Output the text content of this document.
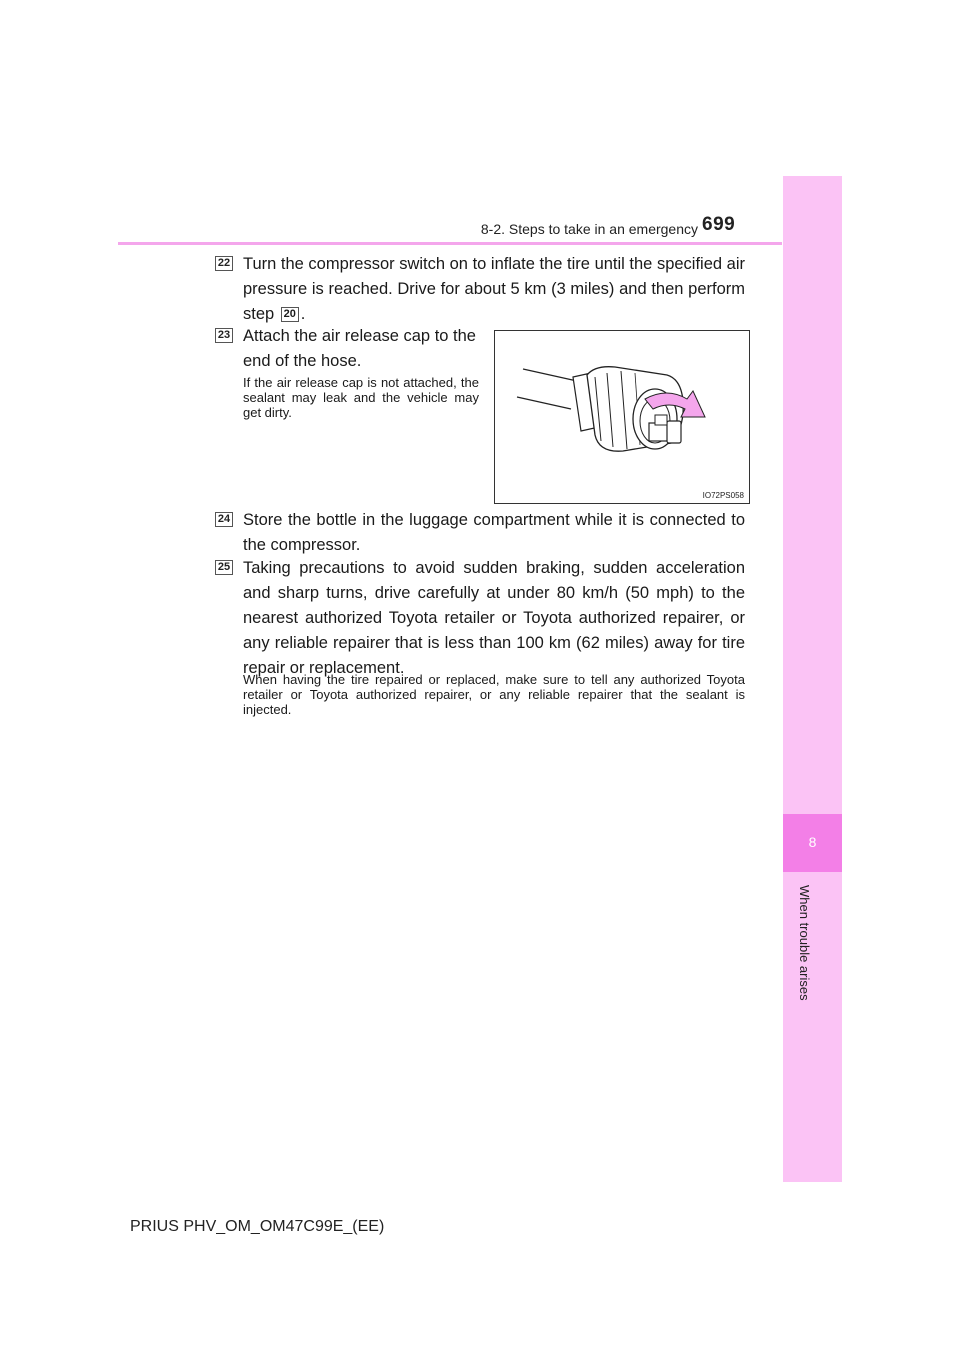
8-2. Steps to take in an emergency 699
8
When trouble arises
22 Turn the compressor switch on to inflate the tire until the specified air pressure is reached. Drive for about 5 km (3 miles) and then perform step 20 .
23 Attach the air release cap to the end of the hose.
If the air release cap is not attached, the sealant may leak and the vehicle may get dirty.
IO72PS058
24 Store the bottle in the luggage compartment while it is connected to the compressor.
25 Taking precautions to avoid sudden braking, sudden acceleration and sharp turns, drive carefully at under 80 km/h (50 mph) to the nearest authorized Toyota retailer or Toyota authorized repairer, or any reliable repairer that is less than 100 km (62 miles) away for tire repair or replacement.
When having the tire repaired or replaced, make sure to tell any authorized Toyota retailer or Toyota authorized repairer, or any reliable repairer that the sealant is injected.
PRIUS PHV_OM_OM47C99E_(EE)
